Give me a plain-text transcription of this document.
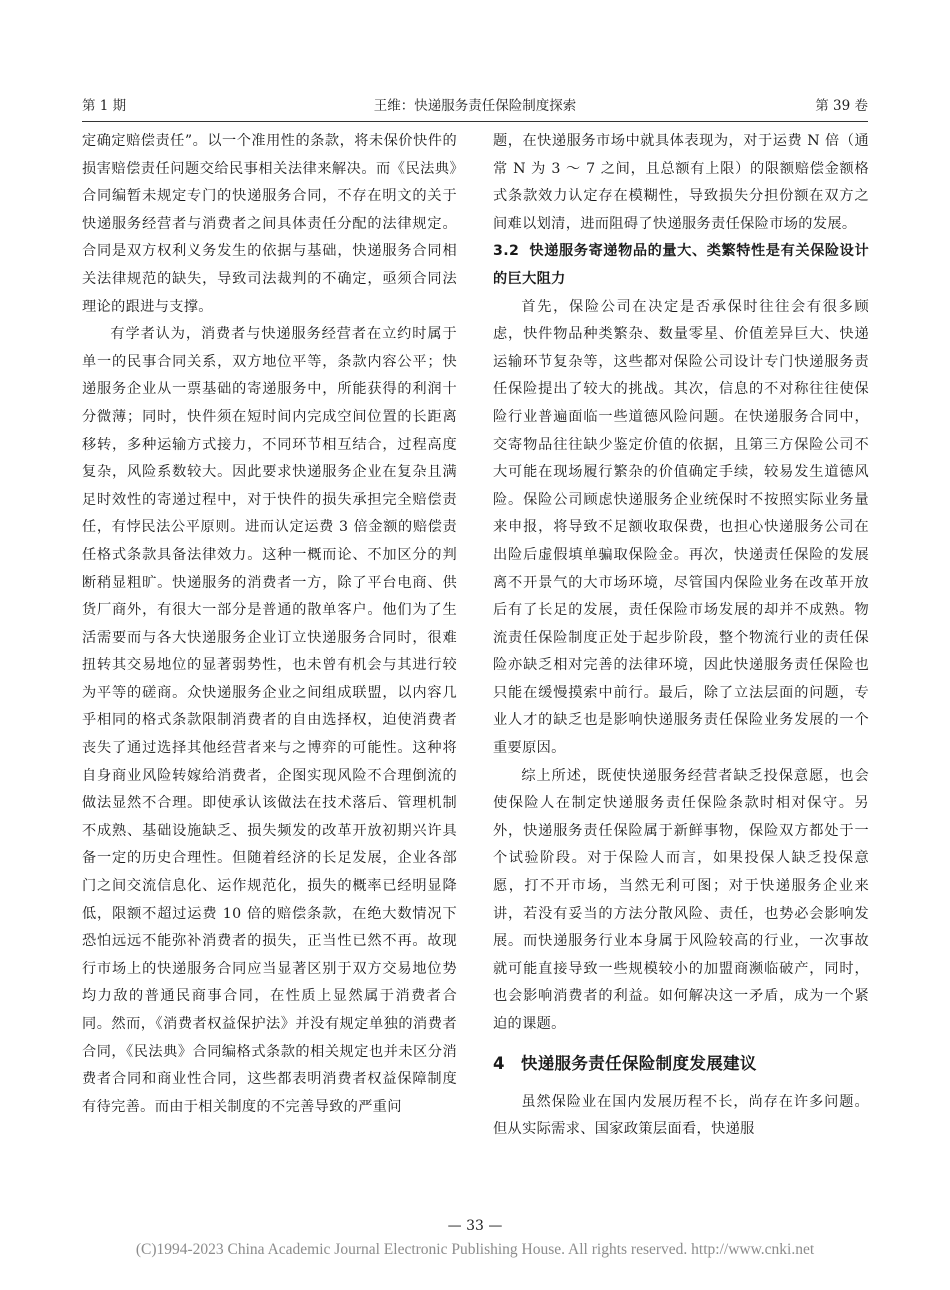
第 1 期	王维：快递服务责任保险制度探索	第 39 卷

定确定赔偿责任”。以一个准用性的条款，将未保价快件的损害赔偿责任问题交给民事相关法律来解决。而《民法典》合同编暂未规定专门的快递服务合同，不存在明文的关于快递服务经营者与消费者之间具体责任分配的法律规定。合同是双方权利义务发生的依据与基础，快递服务合同相关法律规范的缺失，导致司法裁判的不确定，亟须合同法理论的跟进与支撑。

有学者认为，消费者与快递服务经营者在立约时属于单一的民事合同关系，双方地位平等，条款内容公平；快递服务企业从一票基础的寄递服务中，所能获得的利润十分微薄；同时，快件须在短时间内完成空间位置的长距离移转，多种运输方式接力，不同环节相互结合，过程高度复杂，风险系数较大。因此要求快递服务企业在复杂且满足时效性的寄递过程中，对于快件的损失承担完全赔偿责任，有悖民法公平原则。进而认定运费 3 倍金额的赔偿责任格式条款具备法律效力。这种一概而论、不加区分的判断稍显粗旷。快递服务的消费者一方，除了平台电商、供货厂商外，有很大一部分是普通的散单客户。他们为了生活需要而与各大快递服务企业订立快递服务合同时，很难扭转其交易地位的显著弱势性，也未曾有机会与其进行较为平等的磋商。众快递服务企业之间组成联盟，以内容几乎相同的格式条款限制消费者的自由选择权，迫使消费者丧失了通过选择其他经营者来与之博弈的可能性。这种将自身商业风险转嫁给消费者，企图实现风险不合理倒流的做法显然不合理。即使承认该做法在技术落后、管理机制不成熟、基础设施缺乏、损失频发的改革开放初期兴许具备一定的历史合理性。但随着经济的长足发展，企业各部门之间交流信息化、运作规范化，损失的概率已经明显降低，限额不超过运费 10 倍的赔偿条款，在绝大数情况下恐怕远远不能弥补消费者的损失，正当性已然不再。故现行市场上的快递服务合同应当显著区别于双方交易地位势均力敌的普通民商事合同，在性质上显然属于消费者合同。然而，《消费者权益保护法》并没有规定单独的消费者合同，《民法典》合同编格式条款的相关规定也并未区分消费者合同和商业性合同，这些都表明消费者权益保障制度有待完善。而由于相关制度的不完善导致的严重问

题，在快递服务市场中就具体表现为，对于运费 N 倍（通常 N 为 3 ～ 7 之间，且总额有上限）的限额赔偿金额格式条款效力认定存在模糊性，导致损失分担份额在双方之间难以划清，进而阻碍了快递服务责任保险市场的发展。

3.2 快递服务寄递物品的量大、类繁特性是有关保险设计的巨大阻力

首先，保险公司在决定是否承保时往往会有很多顾虑，快件物品种类繁杂、数量零星、价值差异巨大、快递运输环节复杂等，这些都对保险公司设计专门快递服务责任保险提出了较大的挑战。其次，信息的不对称往往使保险行业普遍面临一些道德风险问题。在快递服务合同中，交寄物品往往缺少鉴定价值的依据，且第三方保险公司不大可能在现场履行繁杂的价值确定手续，较易发生道德风险。保险公司顾虑快递服务企业统保时不按照实际业务量来申报，将导致不足额收取保费，也担心快递服务公司在出险后虚假填单骗取保险金。再次，快递责任保险的发展离不开景气的大市场环境，尽管国内保险业务在改革开放后有了长足的发展，责任保险市场发展的却并不成熟。物流责任保险制度正处于起步阶段，整个物流行业的责任保险亦缺乏相对完善的法律环境，因此快递服务责任保险也只能在缓慢摸索中前行。最后，除了立法层面的问题，专业人才的缺乏也是影响快递服务责任保险业务发展的一个重要原因。

综上所述，既使快递服务经营者缺乏投保意愿，也会使保险人在制定快递服务责任保险条款时相对保守。另外，快递服务责任保险属于新鲜事物，保险双方都处于一个试验阶段。对于保险人而言，如果投保人缺乏投保意愿，打不开市场，当然无利可图；对于快递服务企业来讲，若没有妥当的方法分散风险、责任，也势必会影响发展。而快递服务行业本身属于风险较高的行业，一次事故就可能直接导致一些规模较小的加盟商濒临破产，同时，也会影响消费者的利益。如何解决这一矛盾，成为一个紧迫的课题。

4 快递服务责任保险制度发展建议

虽然保险业在国内发展历程不长，尚存在许多问题。但从实际需求、国家政策层面看，快递服

— 33 —
(C)1994-2023 China Academic Journal Electronic Publishing House. All rights reserved. http://www.cnki.net
